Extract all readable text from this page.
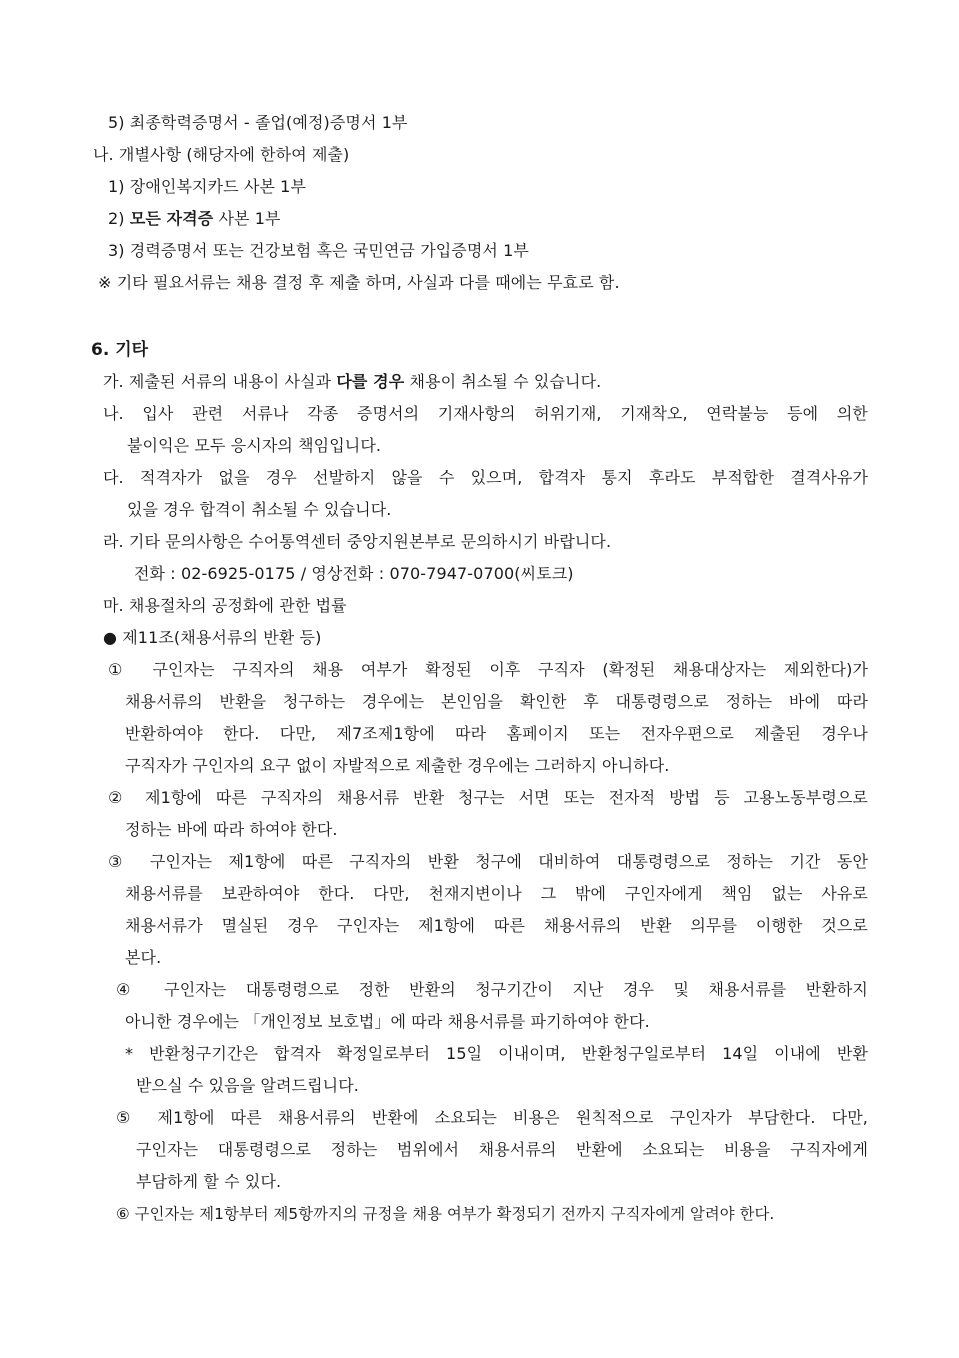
5) 최종학력증명서 - 졸업(예정)증명서 1부
나. 개별사항 (해당자에 한하여 제출)
1) 장애인복지카드 사본 1부
2) 모든 자격증 사본 1부
3) 경력증명서 또는 건강보험 혹은 국민연금 가입증명서 1부
※ 기타 필요서류는 채용 결정 후 제출 하며, 사실과 다를 때에는 무효로 함.
6. 기타
가. 제출된 서류의 내용이 사실과 다를 경우 채용이 취소될 수 있습니다.
나. 입사 관련 서류나 각종 증명서의 기재사항의 허위기재, 기재착오, 연락불능 등에 의한
불이익은 모두 응시자의 책임입니다.
다. 적격자가 없을 경우 선발하지 않을 수 있으며, 합격자 통지 후라도 부적합한 결격사유가
있을 경우 합격이 취소될 수 있습니다.
라. 기타 문의사항은 수어통역센터 중앙지원본부로 문의하시기 바랍니다.
전화 : 02-6925-0175 / 영상전화 : 070-7947-0700(씨토크)
마. 채용절차의 공정화에 관한 법률
● 제11조(채용서류의 반환 등)
① 구인자는 구직자의 채용 여부가 확정된 이후 구직자 (확정된 채용대상자는 제외한다)가
채용서류의 반환을 청구하는 경우에는 본인임을 확인한 후 대통령령으로 정하는 바에 따라
반환하여야 한다. 다만, 제7조제1항에 따라 홈페이지 또는 전자우편으로 제출된 경우나
구직자가 구인자의 요구 없이 자발적으로 제출한 경우에는 그러하지 아니하다.
② 제1항에 따른 구직자의 채용서류 반환 청구는 서면 또는 전자적 방법 등 고용노동부령으로
정하는 바에 따라 하여야 한다.
③ 구인자는 제1항에 따른 구직자의 반환 청구에 대비하여 대통령령으로 정하는 기간 동안
채용서류를 보관하여야 한다. 다만, 천재지변이나 그 밖에 구인자에게 책임 없는 사유로
채용서류가 멸실된 경우 구인자는 제1항에 따른 채용서류의 반환 의무를 이행한 것으로
본다.
④ 구인자는 대통령령으로 정한 반환의 청구기간이 지난 경우 및 채용서류를 반환하지
아니한 경우에는 「개인정보 보호법」에 따라 채용서류를 파기하여야 한다.
* 반환청구기간은 합격자 확정일로부터 15일 이내이며, 반환청구일로부터 14일 이내에 반환
받으실 수 있음을 알려드립니다.
⑤ 제1항에 따른 채용서류의 반환에 소요되는 비용은 원칙적으로 구인자가 부담한다. 다만,
구인자는 대통령령으로 정하는 범위에서 채용서류의 반환에 소요되는 비용을 구직자에게
부담하게 할 수 있다.
⑥ 구인자는 제1항부터 제5항까지의 규정을 채용 여부가 확정되기 전까지 구직자에게 알려야 한다.
